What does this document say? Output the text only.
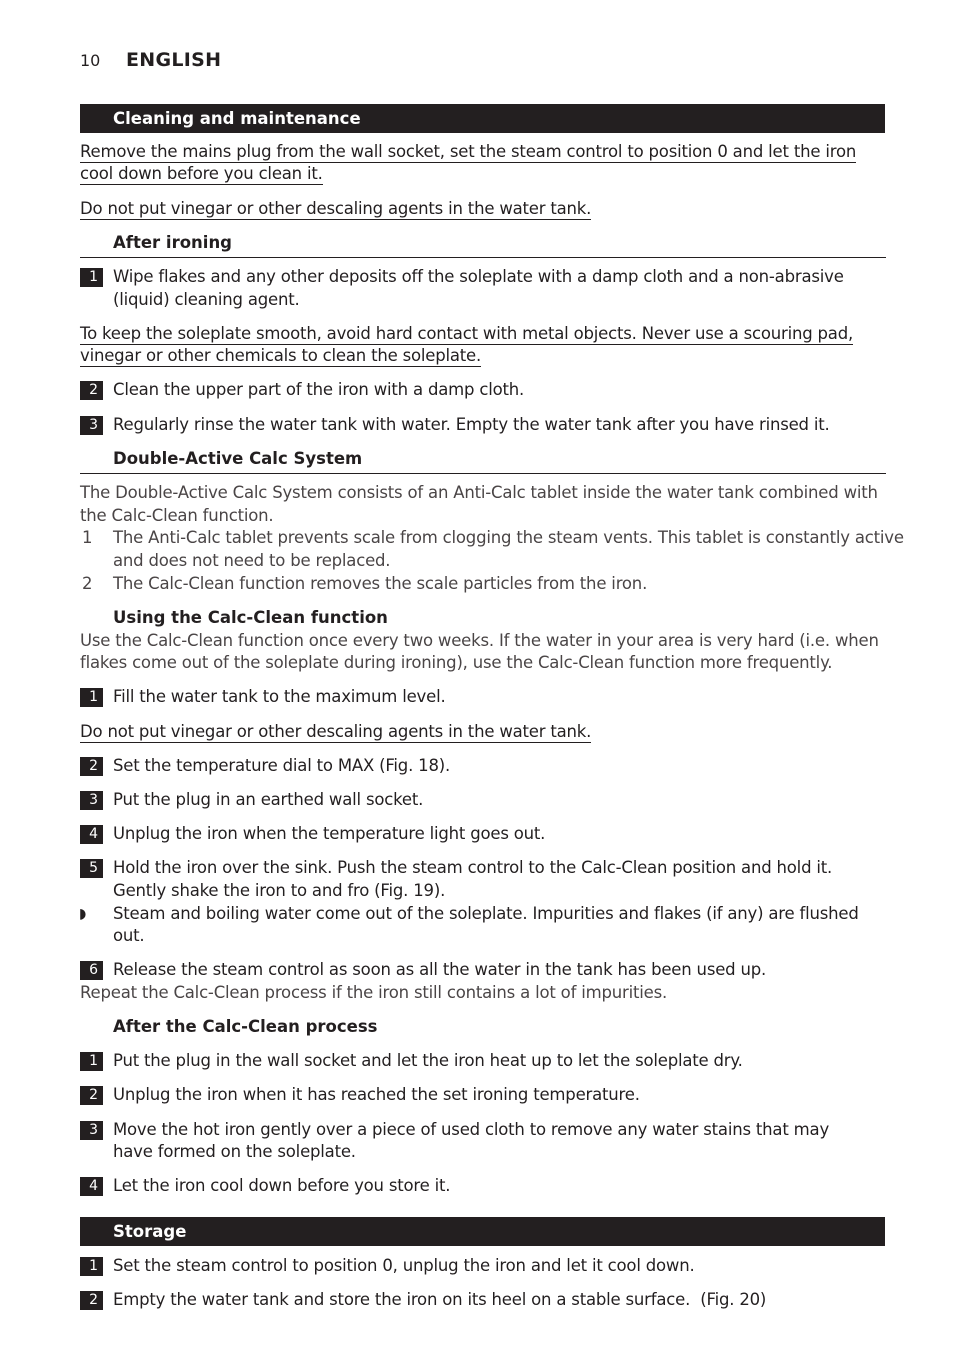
10 ENGLISH
Cleaning and maintenance
Remove the mains plug from the wall socket, set the steam control to position 0 and let the iron
cool down before you clean it.
Do not put vinegar or other descaling agents in the water tank.
After ironing
1 Wipe flakes and any other deposits off the soleplate with a damp cloth and a non-abrasive
(liquid) cleaning agent.
To keep the soleplate smooth, avoid hard contact with metal objects. Never use a scouring pad,
vinegar or other chemicals to clean the soleplate.
2 Clean the upper part of the iron with a damp cloth.
3 Regularly rinse the water tank with water. Empty the water tank after you have rinsed it.
Double-Active Calc System
The Double-Active Calc System consists of an Anti-Calc tablet inside the water tank combined with
the Calc-Clean function.
1 The Anti-Calc tablet prevents scale from clogging the steam vents. This tablet is constantly active
and does not need to be replaced.
2 The Calc-Clean function removes the scale particles from the iron.
Using the Calc-Clean function
Use the Calc-Clean function once every two weeks. If the water in your area is very hard (i.e. when
flakes come out of the soleplate during ironing), use the Calc-Clean function more frequently.
1 Fill the water tank to the maximum level.
Do not put vinegar or other descaling agents in the water tank.
2 Set the temperature dial to MAX (Fig. 18).
3 Put the plug in an earthed wall socket.
4 Unplug the iron when the temperature light goes out.
5 Hold the iron over the sink. Push the steam control to the Calc-Clean position and hold it.
Gently shake the iron to and fro (Fig. 19).
◗ Steam and boiling water come out of the soleplate. Impurities and flakes (if any) are flushed
out.
6 Release the steam control as soon as all the water in the tank has been used up.
Repeat the Calc-Clean process if the iron still contains a lot of impurities.
After the Calc-Clean process
1 Put the plug in the wall socket and let the iron heat up to let the soleplate dry.
2 Unplug the iron when it has reached the set ironing temperature.
3 Move the hot iron gently over a piece of used cloth to remove any water stains that may
have formed on the soleplate.
4 Let the iron cool down before you store it.
Storage
1 Set the steam control to position 0, unplug the iron and let it cool down.
2 Empty the water tank and store the iron on its heel on a stable surface.  (Fig. 20)
